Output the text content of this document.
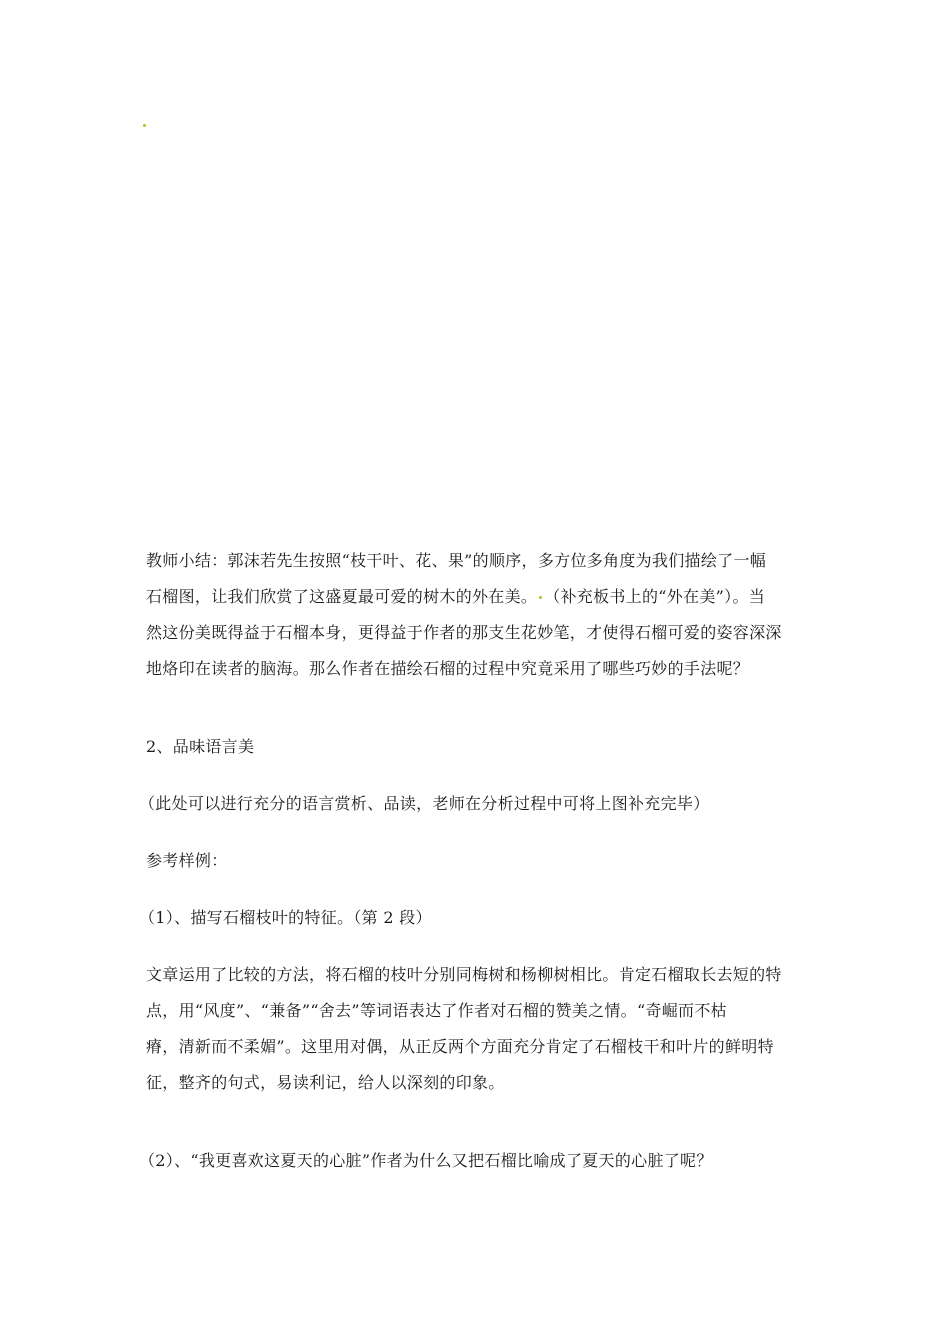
教师小结：郭沫若先生按照“枝干叶、花、果”的顺序，多方位多角度为我们描绘了一幅
石榴图，让我们欣赏了这盛夏最可爱的树木的外在美。 （补充板书上的“外在美”）。当
然这份美既得益于石榴本身，更得益于作者的那支生花妙笔，才使得石榴可爱的姿容深深
地烙印在读者的脑海。那么作者在描绘石榴的过程中究竟采用了哪些巧妙的手法呢？
2、品味语言美
（此处可以进行充分的语言赏析、品读，老师在分析过程中可将上图补充完毕）
参考样例：
（1）、描写石榴枝叶的特征。（第 2 段）
文章运用了比较的方法，将石榴的枝叶分别同梅树和杨柳树相比。肯定石榴取长去短的特
点，用“风度”、“兼备”“舍去”等词语表达了作者对石榴的赞美之情。“奇崛而不枯
瘠，清新而不柔媚”。这里用对偶，从正反两个方面充分肯定了石榴枝干和叶片的鲜明特
征，整齐的句式，易读利记，给人以深刻的印象。
（2）、“我更喜欢这夏天的心脏”作者为什么又把石榴比喻成了夏天的心脏了呢？
